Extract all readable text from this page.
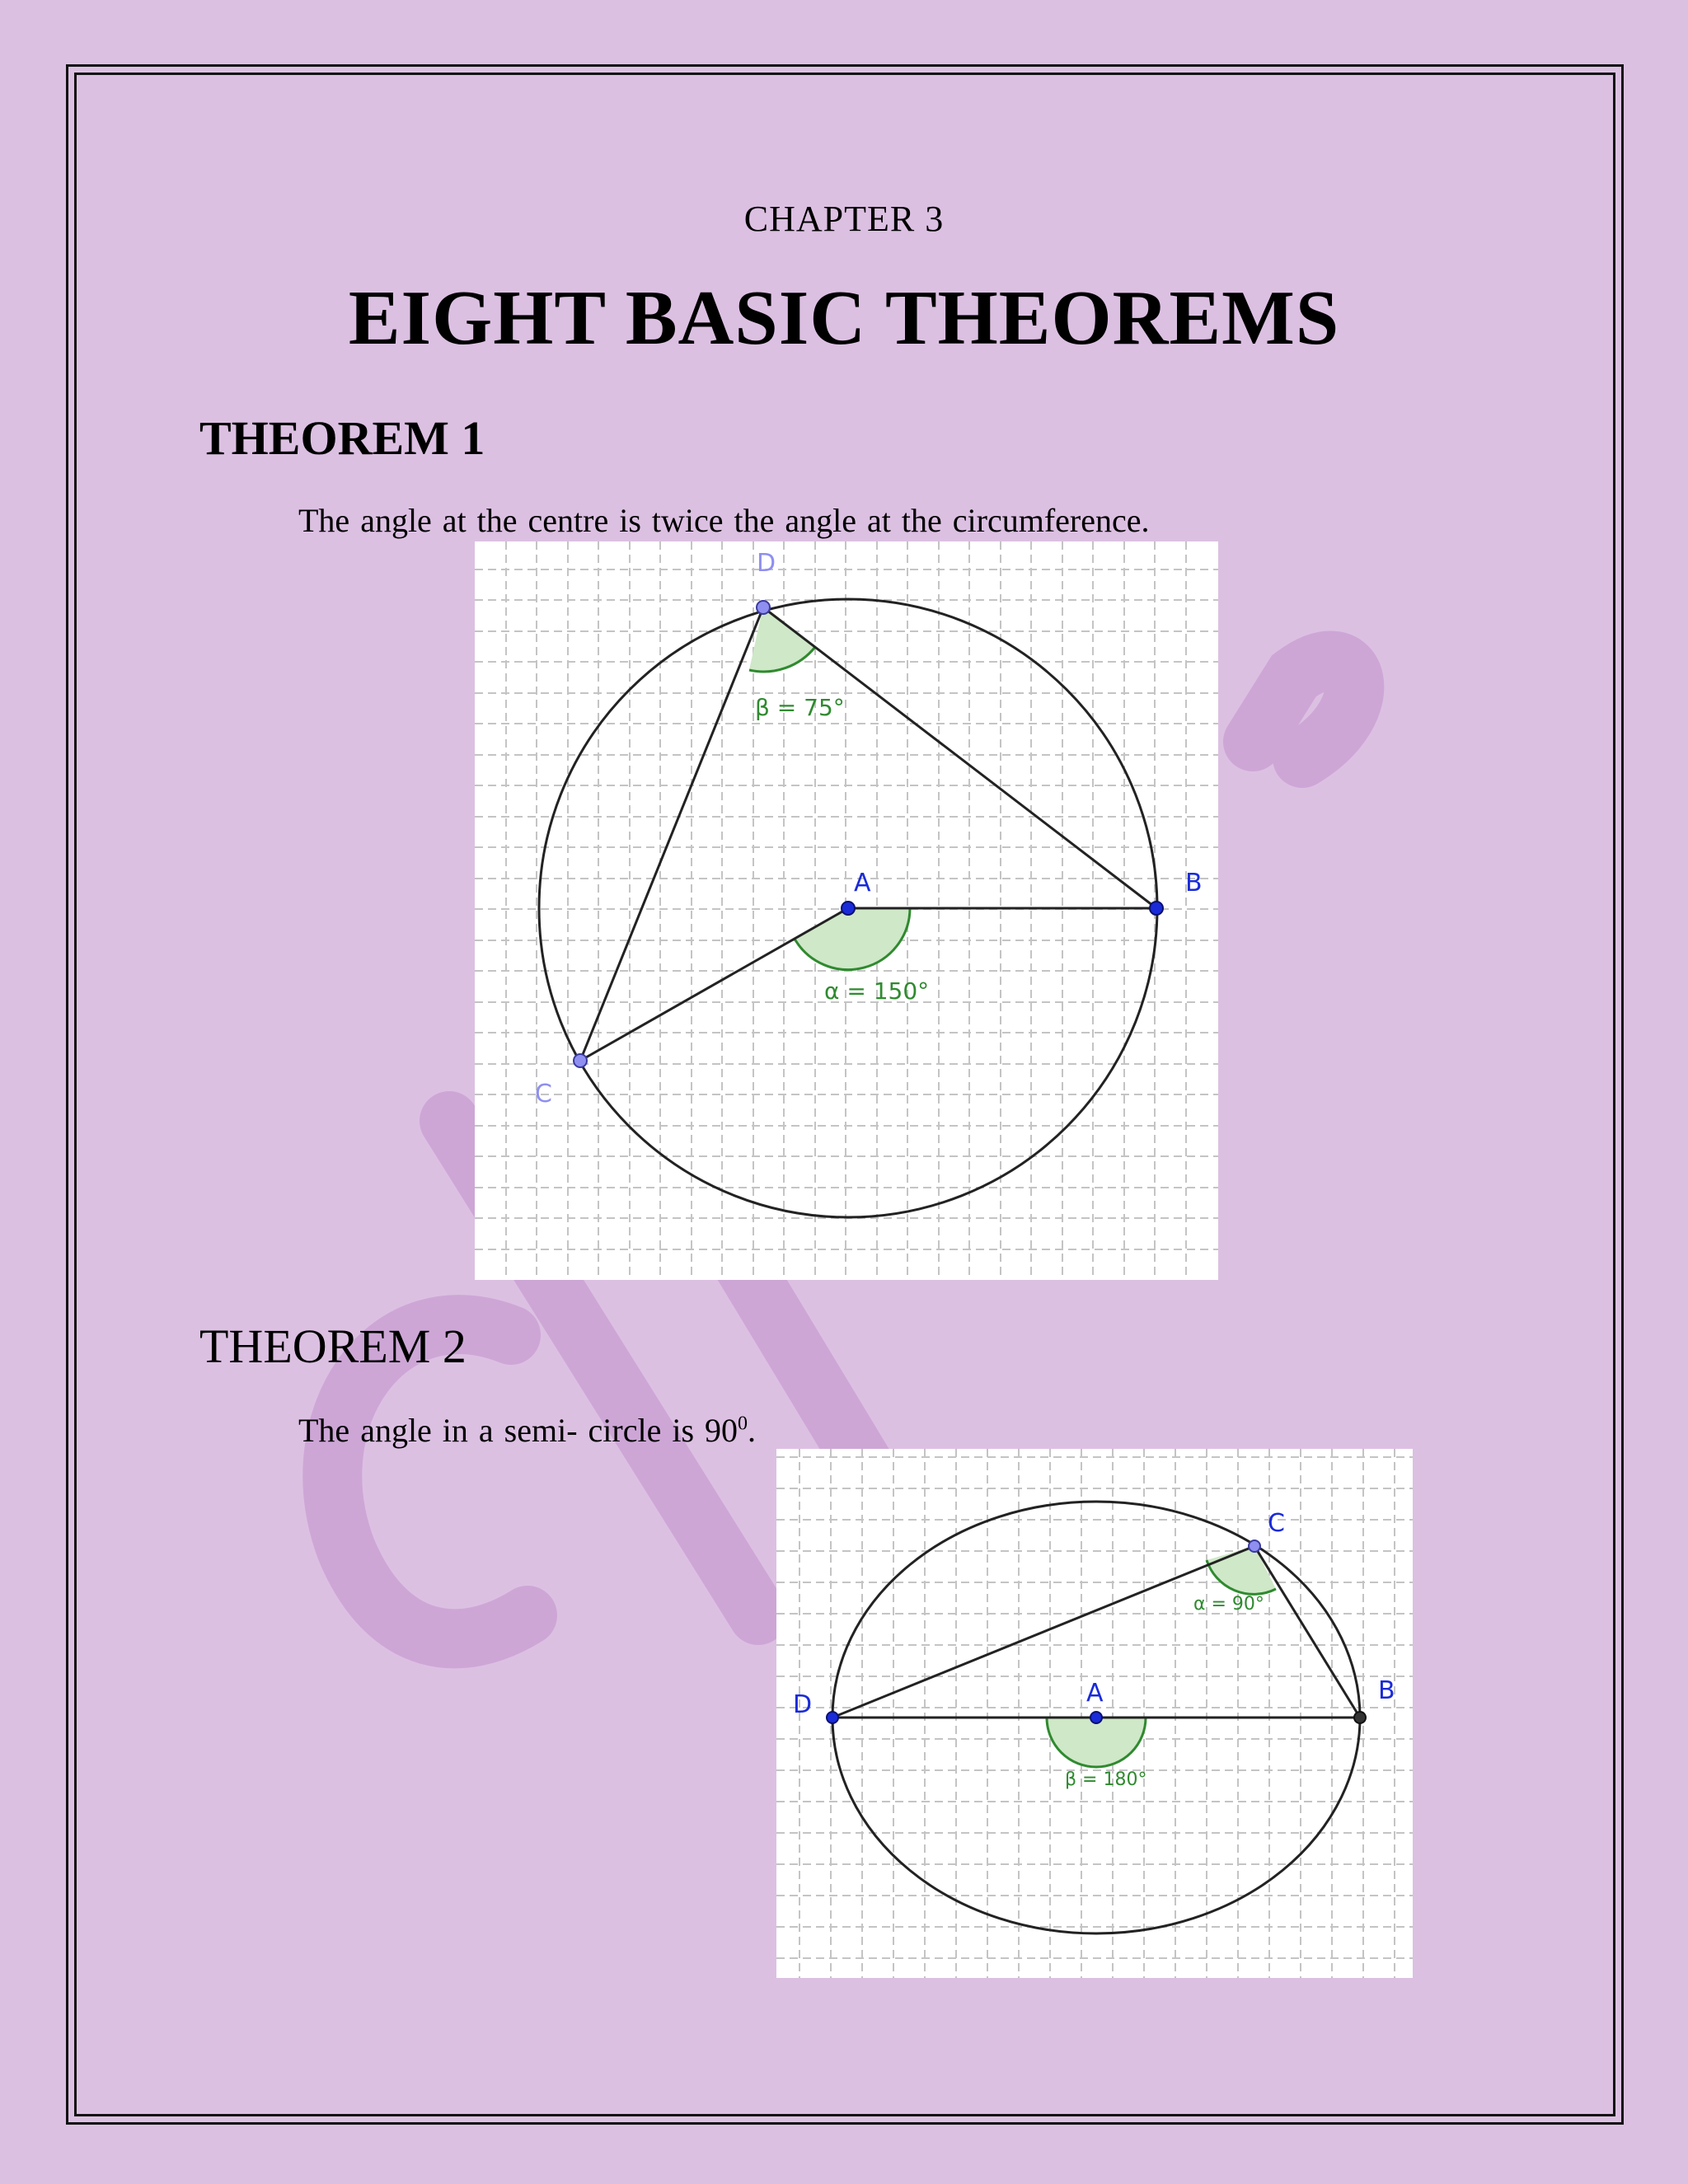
CHAPTER 3
EIGHT BASIC THEOREMS
THEOREM 1
The angle at the centre is twice the angle at the circumference.
A	B
C
D
β = 75°
α = 150°
THEOREM 2
The angle in a semi- circle is $90^0$.
A	B
C
D
α = 90°
β = 180°
